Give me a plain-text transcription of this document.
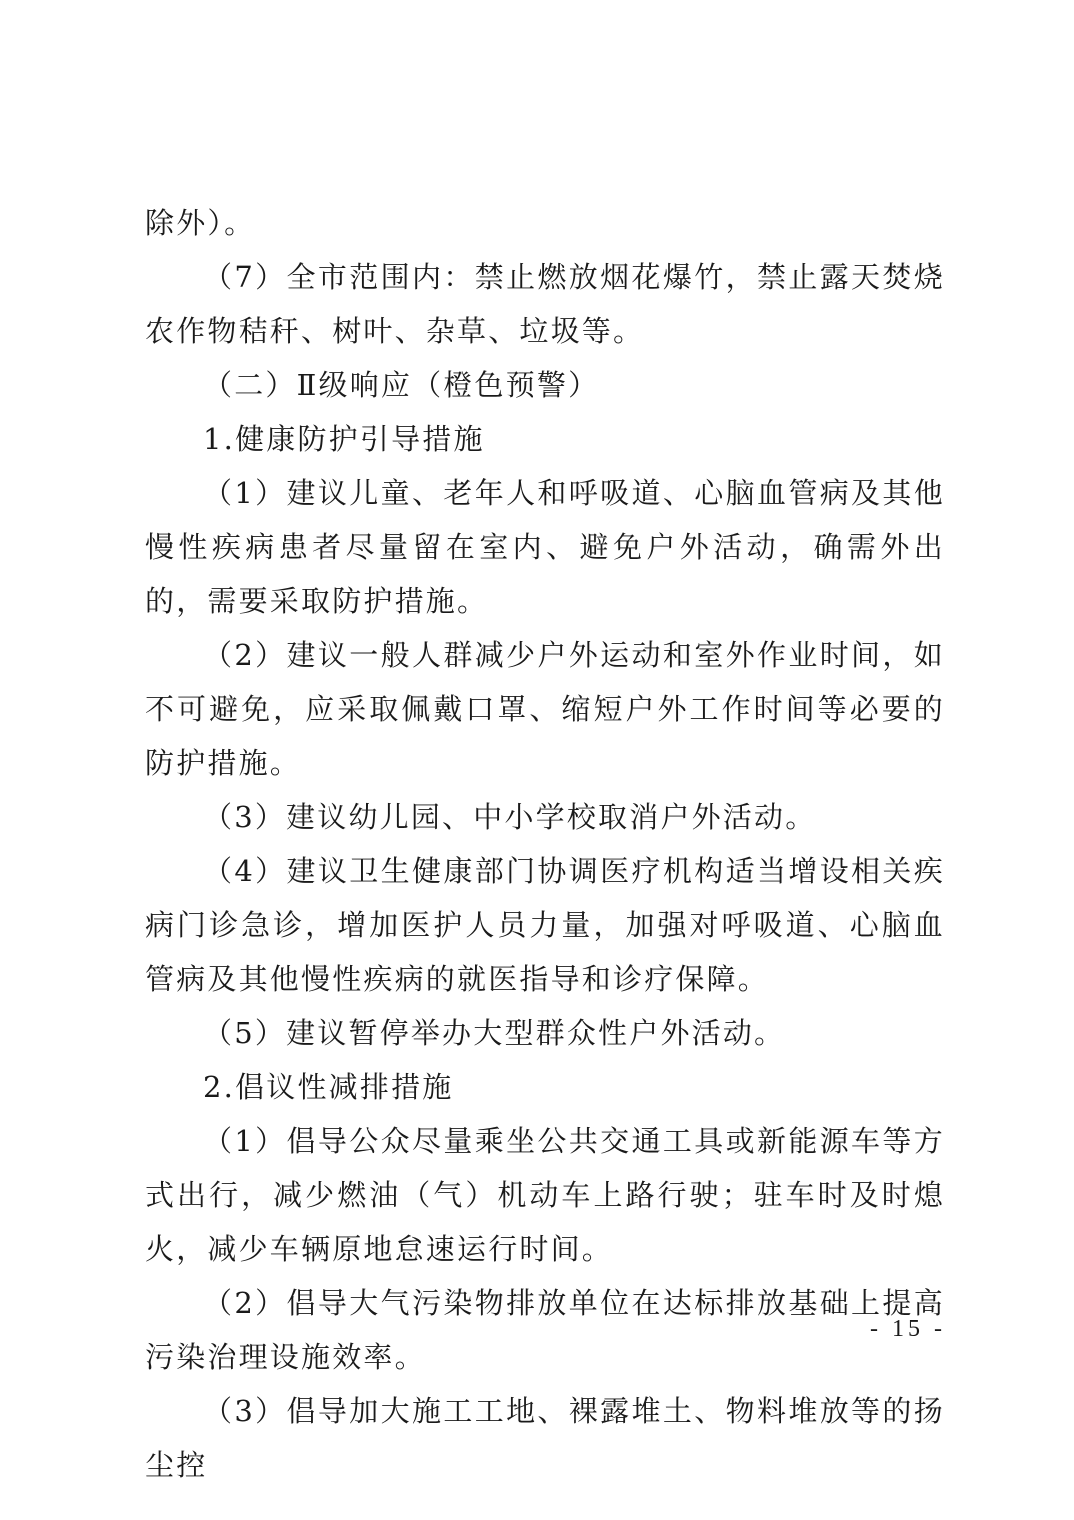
除外）。

（7）全市范围内：禁止燃放烟花爆竹，禁止露天焚烧农作物秸秆、树叶、杂草、垃圾等。

（二）Ⅱ级响应（橙色预警）

1.健康防护引导措施

（1）建议儿童、老年人和呼吸道、心脑血管病及其他慢性疾病患者尽量留在室内、避免户外活动，确需外出的，需要采取防护措施。

（2）建议一般人群减少户外运动和室外作业时间，如不可避免，应采取佩戴口罩、缩短户外工作时间等必要的防护措施。

（3）建议幼儿园、中小学校取消户外活动。

（4）建议卫生健康部门协调医疗机构适当增设相关疾病门诊急诊，增加医护人员力量，加强对呼吸道、心脑血管病及其他慢性疾病的就医指导和诊疗保障。

（5）建议暂停举办大型群众性户外活动。

2.倡议性减排措施

（1）倡导公众尽量乘坐公共交通工具或新能源车等方式出行，减少燃油（气）机动车上路行驶；驻车时及时熄火，减少车辆原地怠速运行时间。

（2）倡导大气污染物排放单位在达标排放基础上提高污染治理设施效率。

（3）倡导加大施工工地、裸露堆土、物料堆放等的扬尘控

- 15 -
